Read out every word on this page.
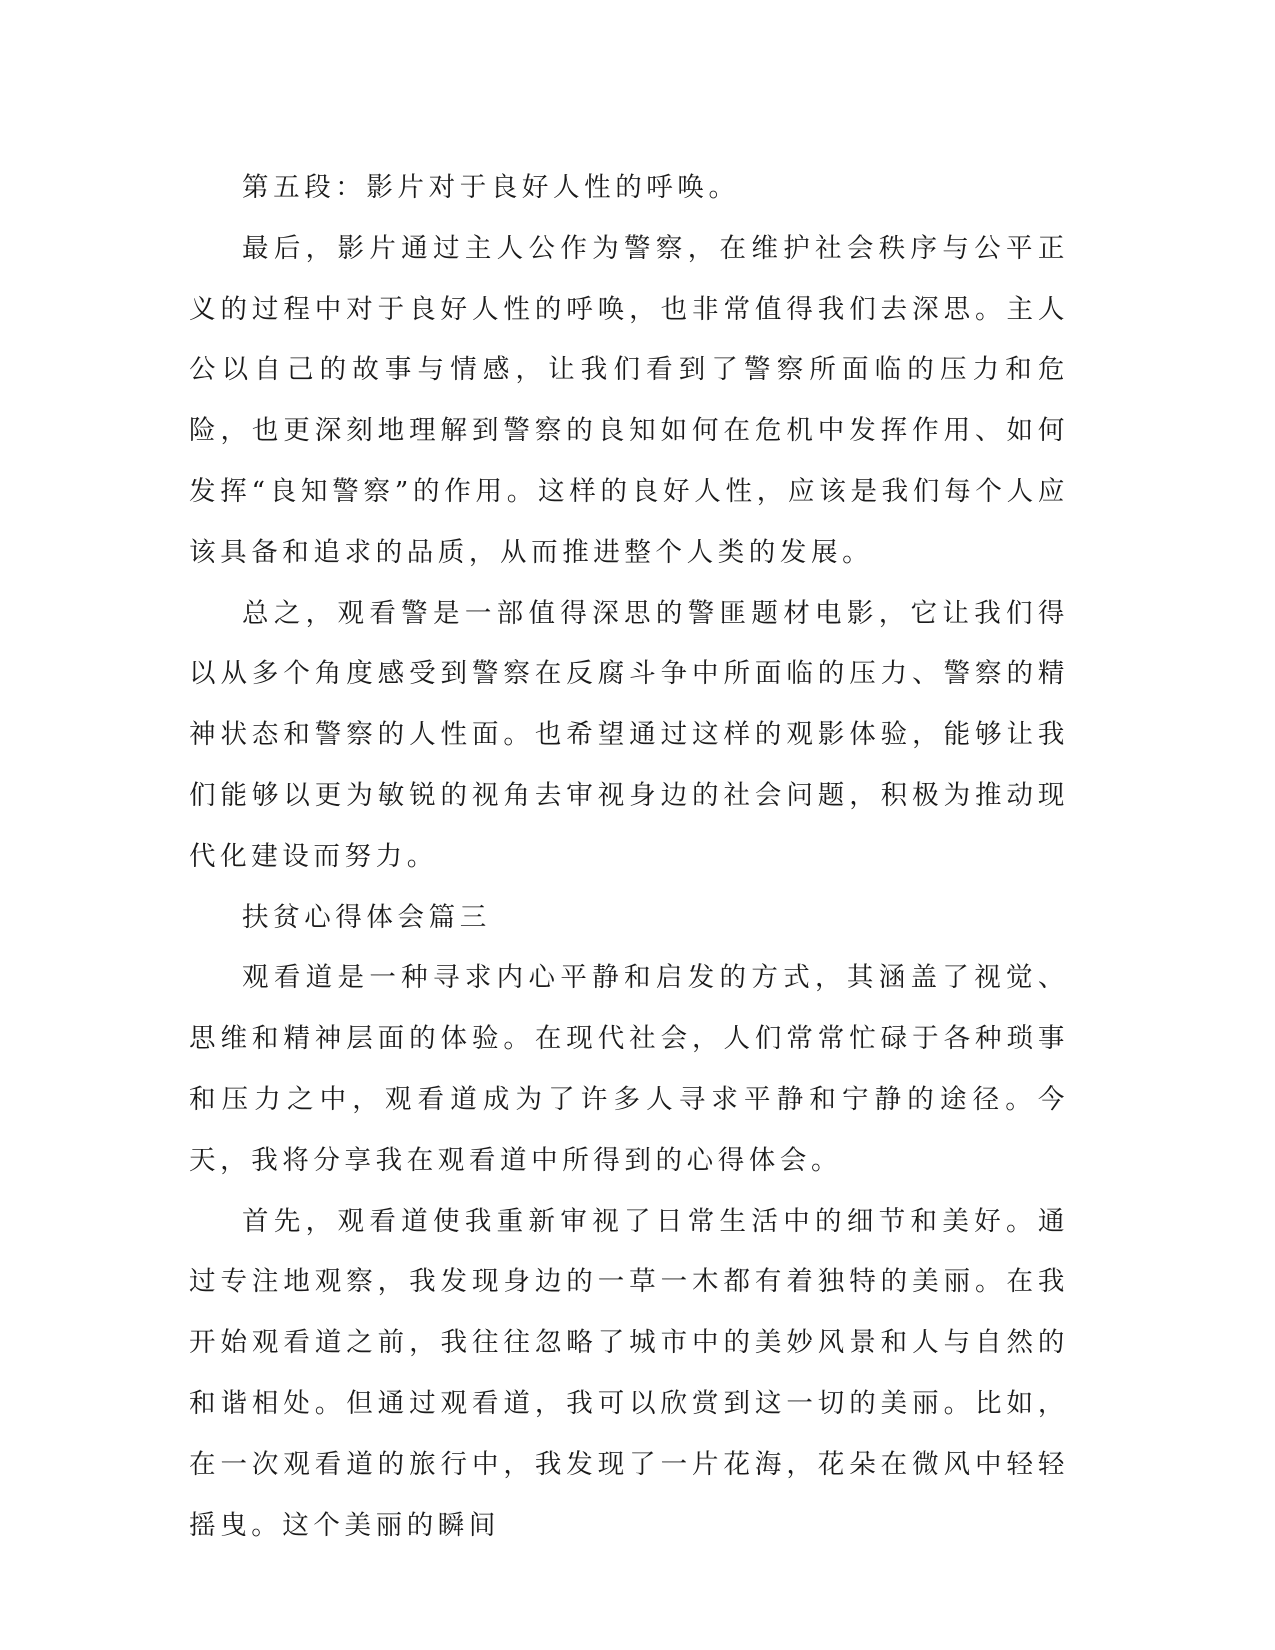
第五段：影片对于良好人性的呼唤。

最后，影片通过主人公作为警察，在维护社会秩序与公平正义的过程中对于良好人性的呼唤，也非常值得我们去深思。主人公以自己的故事与情感，让我们看到了警察所面临的压力和危险，也更深刻地理解到警察的良知如何在危机中发挥作用、如何发挥“良知警察”的作用。这样的良好人性，应该是我们每个人应该具备和追求的品质，从而推进整个人类的发展。

总之，观看警是一部值得深思的警匪题材电影，它让我们得以从多个角度感受到警察在反腐斗争中所面临的压力、警察的精神状态和警察的人性面。也希望通过这样的观影体验，能够让我们能够以更为敏锐的视角去审视身边的社会问题，积极为推动现代化建设而努力。

扶贫心得体会篇三

观看道是一种寻求内心平静和启发的方式，其涵盖了视觉、思维和精神层面的体验。在现代社会，人们常常忙碌于各种琐事和压力之中，观看道成为了许多人寻求平静和宁静的途径。今天，我将分享我在观看道中所得到的心得体会。

首先，观看道使我重新审视了日常生活中的细节和美好。通过专注地观察，我发现身边的一草一木都有着独特的美丽。在我开始观看道之前，我往往忽略了城市中的美妙风景和人与自然的和谐相处。但通过观看道，我可以欣赏到这一切的美丽。比如，在一次观看道的旅行中，我发现了一片花海，花朵在微风中轻轻摇曳。这个美丽的瞬间
